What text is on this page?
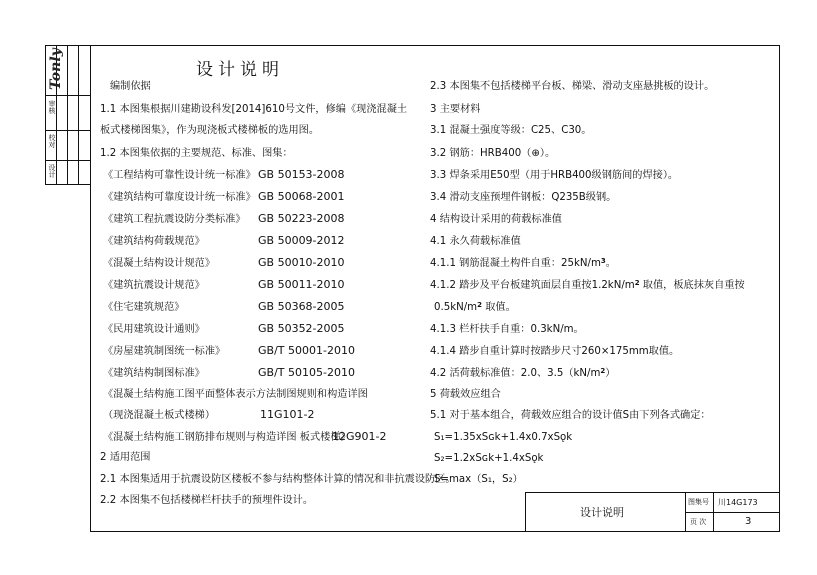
审核
校对
设计
Tonly	设计说明
编制依据
1.1 本图集根据川建勘设科发[2014]610号文件，修编《现浇混凝土
板式楼梯图集》，作为现浇板式楼梯板的选用图。
1.2 本图集依据的主要规范、标准、图集：
《工程结构可靠性设计统一标准》
《建筑结构可靠度设计统一标准》
《建筑工程抗震设防分类标准》
《建筑结构荷载规范》
《混凝土结构设计规范》
《建筑抗震设计规范》
《住宅建筑规范》
《民用建筑设计通则》
《房屋建筑制图统一标准》
《建筑结构制图标准》
《混凝土结构施工图平面整体表示方法制图规则和构造详图
（现浇混凝土板式楼梯）
《混凝土结构施工钢筋排布规则与构造详图 板式楼梯》
2 适用范围
2.1 本图集适用于抗震设防区楼板不参与结构整体计算的情况和非抗震设防区。
2.2 本图集不包括楼梯栏杆扶手的预埋件设计。
GB 50153-2008
GB 50068-2001
GB 50223-2008
GB 50009-2012
GB 50010-2010
GB 50011-2010
GB 50368-2005
GB 50352-2005
GB/T 50001-2010
GB/T 50105-2010
11G101-2
12G901-2
2.3 本图集不包括楼梯平台板、梯梁、滑动支座悬挑板的设计。
3 主要材料
3.1 混凝土强度等级：C25、C30。
3.2 钢筋：HRB400（⊕）。
3.3 焊条采用E50型（用于HRB400级钢筋间的焊接）。
3.4 滑动支座预埋件钢板：Q235B级钢。
4 结构设计采用的荷载标准值
4.1 永久荷载标准值
4.1.1 钢筋混凝土构件自重：$25kN/m^3$。
4.1.2 踏步及平台板建筑面层自重按$1.2kN/m^2$ 取值，板底抹灰自重按
$0.5kN/m^2$ 取值。
4.1.3 栏杆扶手自重：0.3kN/m。
4.1.4 踏步自重计算时按踏步尺寸260×175mm取值。
4.2 活荷载标准值：2.0、$3.5(kN/m^2)$
5 荷载效应组合
5.1 对于基本组合，荷载效应组合的设计值S由下列各式确定：
S₁=1.35xSɢk+1.4x0.7xSǫk
S₂=1.2xSɢk+1.4xSǫk
S=max（S₁，S₂）
设计说明
图集号 川14G173
页 次	3
